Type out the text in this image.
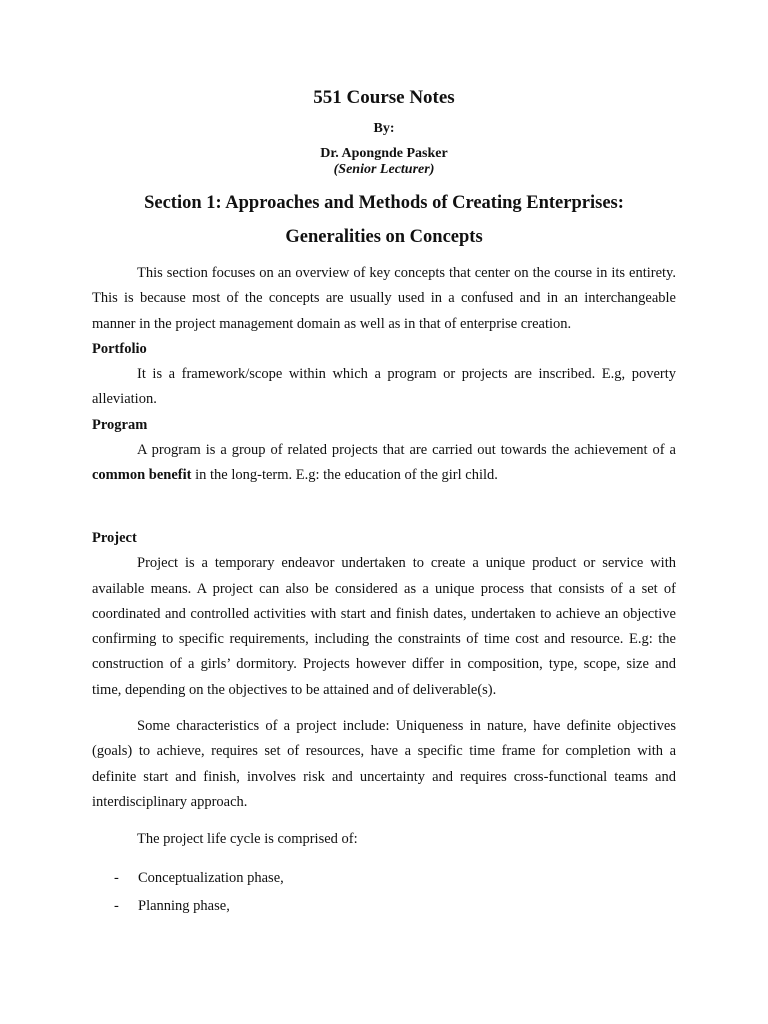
551 Course Notes
By:
Dr. Apongnde Pasker
(Senior Lecturer)
Section 1: Approaches and Methods of Creating Enterprises:
Generalities on Concepts

This section focuses on an overview of key concepts that center on the course in its entirety. This is because most of the concepts are usually used in a confused and in an interchangeable manner in the project management domain as well as in that of enterprise creation.

Portfolio

It is a framework/scope within which a program or projects are inscribed. E.g, poverty alleviation.

Program

A program is a group of related projects that are carried out towards the achievement of a common benefit in the long-term. E.g: the education of the girl child.

Project

Project is a temporary endeavor undertaken to create a unique product or service with available means. A project can also be considered as a unique process that consists of a set of coordinated and controlled activities with start and finish dates, undertaken to achieve an objective confirming to specific requirements, including the constraints of time cost and resource. E.g: the construction of a girls’ dormitory. Projects however differ in composition, type, scope, size and time, depending on the objectives to be attained and of deliverable(s).

Some characteristics of a project include: Uniqueness in nature, have definite objectives (goals) to achieve, requires set of resources, have a specific time frame for completion with a definite start and finish, involves risk and uncertainty and requires cross-functional teams and interdisciplinary approach.

The project life cycle is comprised of:

- Conceptualization phase,
- Planning phase,
